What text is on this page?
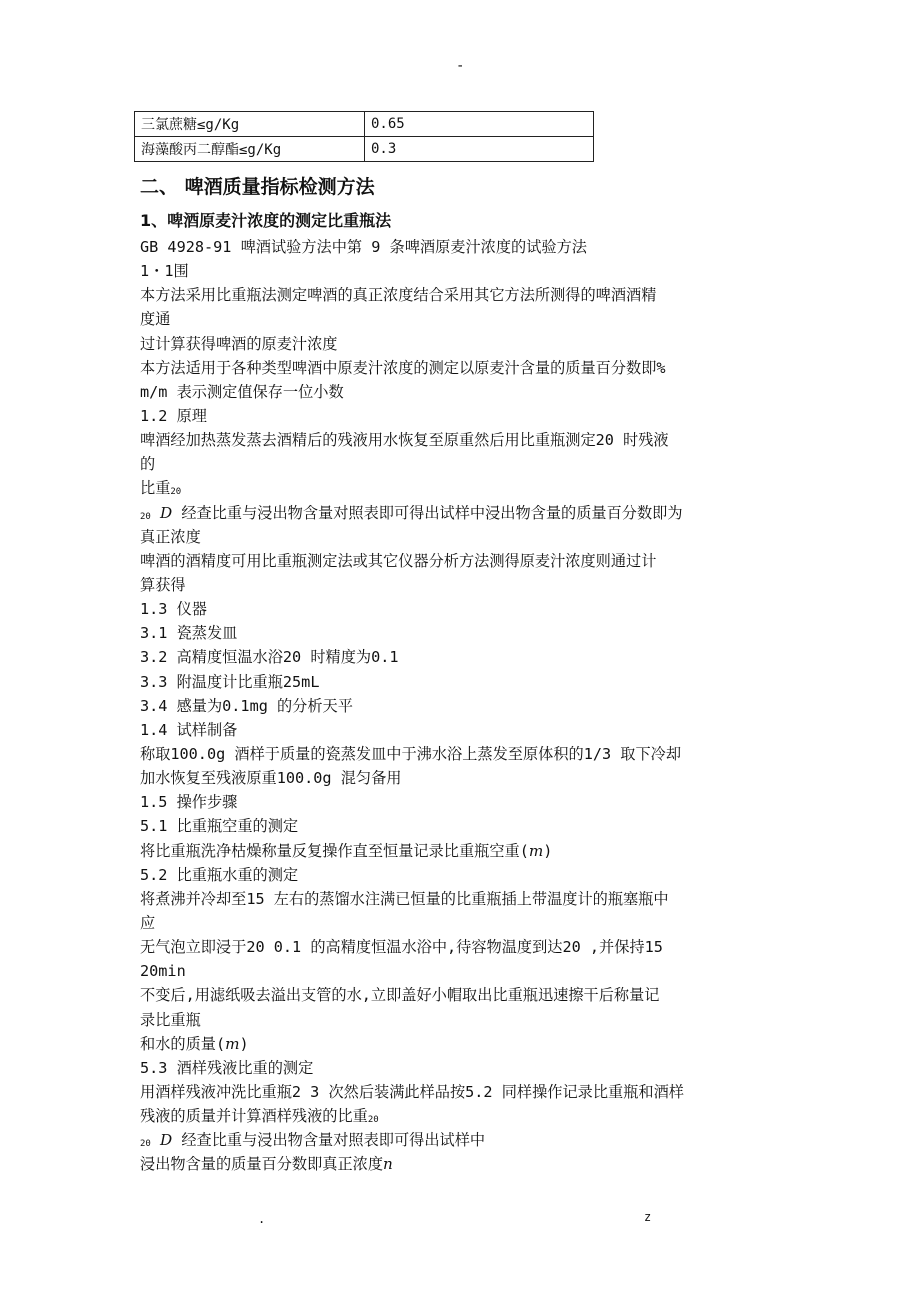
-
三氯蔗糖≤g/Kg	0.65
海藻酸丙二醇酯≤g/Kg	0.3
二、 啤酒质量指标检测方法
1、啤酒原麦汁浓度的测定比重瓶法
GB 4928-91 啤酒试验方法中第 9 条啤酒原麦汁浓度的试验方法
1・1围
本方法采用比重瓶法测定啤酒的真正浓度结合采用其它方法所测得的啤酒酒精
度通
过计算获得啤酒的原麦汁浓度
本方法适用于各种类型啤酒中原麦汁浓度的测定以原麦汁含量的质量百分数即%
m/m 表示测定值保存一位小数
1.2 原理
啤酒经加热蒸发蒸去酒精后的残液用水恢复至原重然后用比重瓶测定20 时残液
的
比重20
20 D 经查比重与浸出物含量对照表即可得出试样中浸出物含量的质量百分数即为
真正浓度
啤酒的酒精度可用比重瓶测定法或其它仪器分析方法测得原麦汁浓度则通过计
算获得
1.3 仪器
3.1 瓷蒸发皿
3.2 高精度恒温水浴20 时精度为0.1
3.3 附温度计比重瓶25mL
3.4 感量为0.1mg 的分析天平
1.4 试样制备
称取100.0g 酒样于质量的瓷蒸发皿中于沸水浴上蒸发至原体积的1/3 取下冷却
加水恢复至残液原重100.0g 混匀备用
1.5 操作步骤
5.1 比重瓶空重的测定
将比重瓶洗净枯燥称量反复操作直至恒量记录比重瓶空重(m)
5.2 比重瓶水重的测定
将煮沸并冷却至15 左右的蒸馏水注满已恒量的比重瓶插上带温度计的瓶塞瓶中
应
无气泡立即浸于20 0.1 的高精度恒温水浴中,待容物温度到达20 ,并保持15
20min
不变后,用滤纸吸去溢出支管的水,立即盖好小帽取出比重瓶迅速擦干后称量记
录比重瓶
和水的质量(m)
5.3 酒样残液比重的测定
用酒样残液冲洗比重瓶2 3 次然后装满此样品按5.2 同样操作记录比重瓶和酒样
残液的质量并计算酒样残液的比重20
20 D 经查比重与浸出物含量对照表即可得出试样中
浸出物含量的质量百分数即真正浓度n
.	z
